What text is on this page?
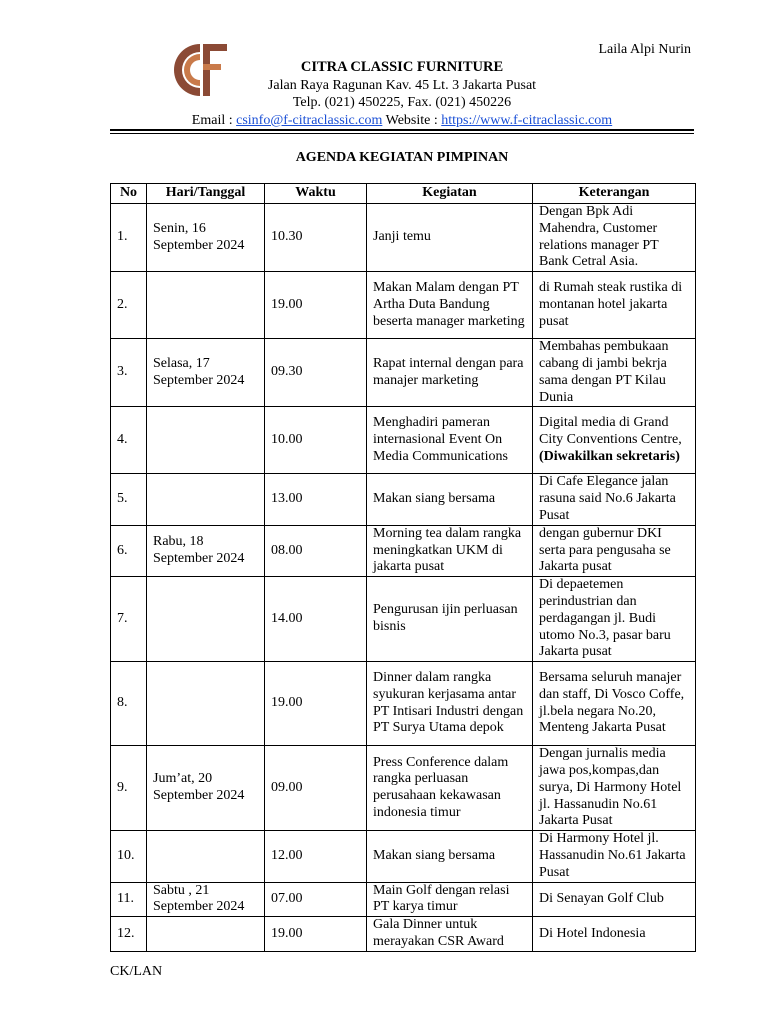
Laila Alpi Nurin
CITRA CLASSIC FURNITURE
Jalan Raya Ragunan Kav. 45 Lt. 3 Jakarta Pusat
Telp. (021) 450225, Fax. (021) 450226
Email : csinfo@f-citraclassic.com Website : https://www.f-citraclassic.com
AGENDA KEGIATAN PIMPINAN
No	Hari/Tanggal	Waktu	Kegiatan	Keterangan
1.	Senin, 16 September 2024	10.30	Janji temu	Dengan Bpk Adi Mahendra, Customer relations manager PT Bank Cetral Asia.
2.		19.00	Makan Malam dengan PT Artha Duta Bandung beserta manager marketing	di Rumah steak rustika di montanan hotel jakarta pusat
3.	Selasa, 17 September 2024	09.30	Rapat internal dengan para manajer marketing	Membahas pembukaan cabang di jambi bekrja sama dengan PT Kilau Dunia
4.		10.00	Menghadiri pameran internasional Event On Media Communications	Digital media di Grand City Conventions Centre, (Diwakilkan sekretaris)
5.		13.00	Makan siang bersama	Di Cafe Elegance jalan rasuna said No.6 Jakarta Pusat
6.	Rabu, 18 September 2024	08.00	Morning tea dalam rangka meningkatkan UKM di jakarta pusat	dengan gubernur DKI serta para pengusaha se Jakarta pusat
7.		14.00	Pengurusan ijin perluasan bisnis	Di depaetemen perindustrian dan perdagangan jl. Budi utomo No.3, pasar baru Jakarta pusat
8.		19.00	Dinner dalam rangka syukuran kerjasama antar PT Intisari Industri dengan PT Surya Utama depok	Bersama seluruh manajer dan staff, Di Vosco Coffe, jl.bela negara No.20, Menteng Jakarta Pusat
9.	Jum’at, 20 September 2024	09.00	Press Conference dalam rangka perluasan perusahaan kekawasan indonesia timur	Dengan jurnalis media jawa pos,kompas,dan surya, Di Harmony Hotel jl. Hassanudin No.61 Jakarta Pusat
10.		12.00	Makan siang bersama	Di Harmony Hotel jl. Hassanudin No.61 Jakarta Pusat
11.	Sabtu , 21 September 2024	07.00	Main Golf dengan relasi PT karya timur	Di Senayan Golf Club
12.		19.00	Gala Dinner untuk merayakan CSR Award	Di Hotel Indonesia
CK/LAN
